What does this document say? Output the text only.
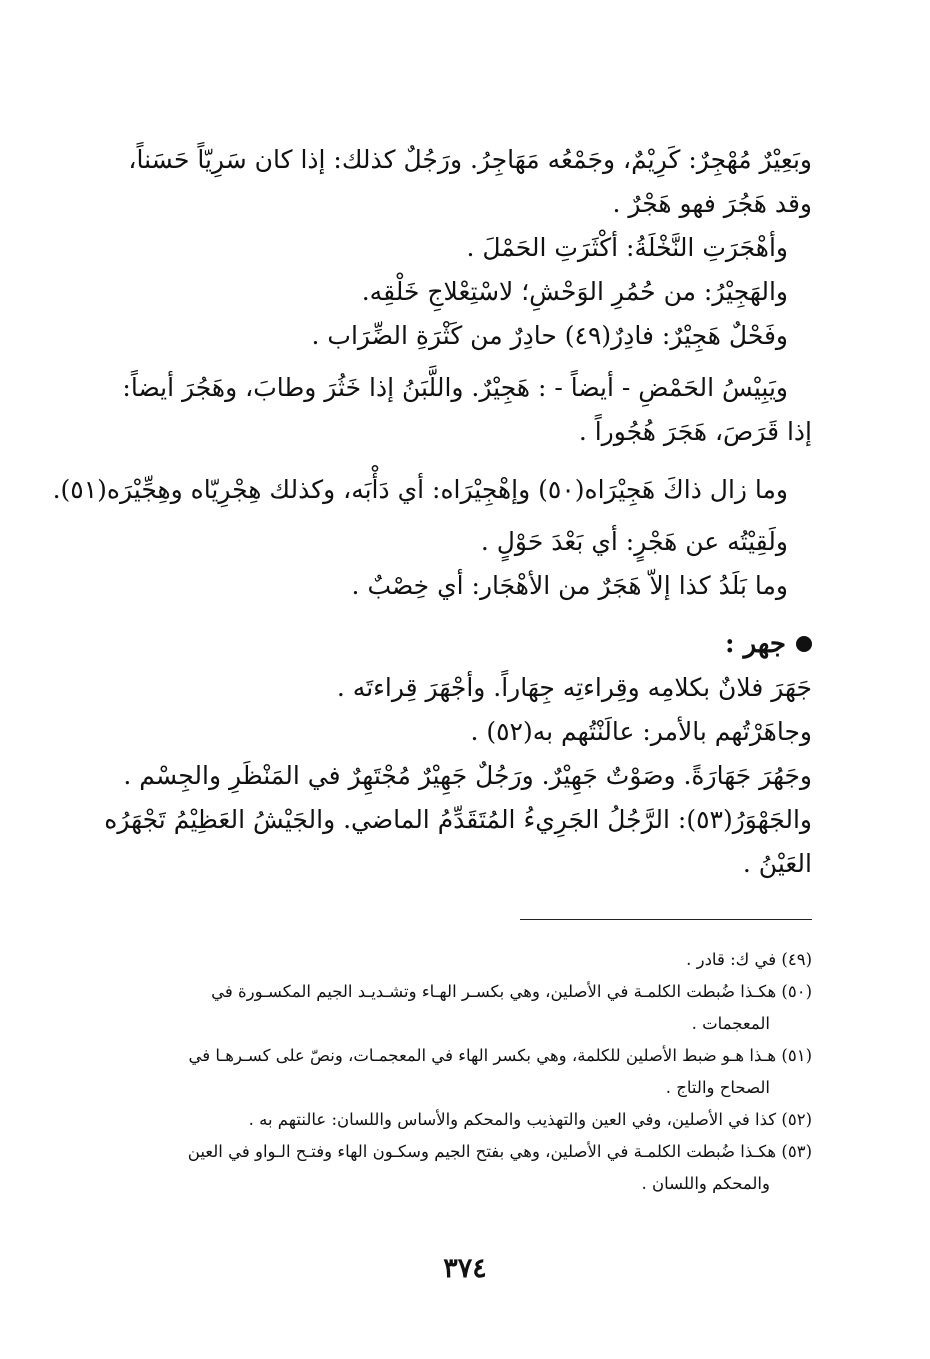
وبَعِيْرٌ مُهْجِرٌ: كَرِيْمٌ، وجَمْعُه مَهَاجِرُ. ورَجُلٌ كذلك: إذا كان سَرِيّاً حَسَناً،

وقد هَجُرَ فهو هَجْرٌ .

وأهْجَرَتِ النَّخْلَةُ: أكْثَرَتِ الحَمْلَ .

والهَجِيْرُ: من حُمُرِ الوَحْشِ؛ لاسْتِعْلاجِ خَلْقِه.

وفَحْلٌ هَجِيْرٌ: فادِرٌ(٤٩) حادِرٌ من كَثْرَةِ الضِّرَاب .

ويَبِيْسُ الحَمْضِ - أيضاً - : هَجِيْرٌ. واللَّبَنُ إذا خَثُرَ وطابَ، وهَجُرَ أيضاً:

إذا قَرَصَ، هَجَرَ هُجُوراً .

وما زال ذاكَ هَجِيْرَاه(٥٠) وإهْجِيْرَاه: أي دَأْبَه، وكذلك هِجْرِيّاه وهِجِّيْرَه(٥١).

ولَقِيْتُه عن هَجْرٍ: أي بَعْدَ حَوْلٍ .

وما بَلَدُ كذا إلاّ هَجَرٌ من الأهْجَار: أي خِصْبٌ .

جهر :

جَهَرَ فلانٌ بكلامِه وقِراءتِه جِهَاراً. وأجْهَرَ قِراءتَه .

وجاهَرْتُهم بالأمر: عالَنْتُهم به(٥٢) .

وجَهُرَ جَهَارَةً. وصَوْتٌ جَهِيْرٌ. ورَجُلٌ جَهِيْرٌ مُجْتَهِرٌ في المَنْظَرِ والجِسْم .

والجَهْوَرُ(٥٣): الرَّجُلُ الجَرِيءُ المُتَقَدِّمُ الماضي. والجَيْشُ العَظِيْمُ تَجْهَرُه

العَيْنُ .

(٤٩) في ك: قادر .

(٥٠) هكـذا ضُبطت الكلمـة في الأصلين، وهي بكسـر الهـاء وتشـديـد الجيم المكسـورة في

المعجمات .

(٥١) هـذا هـو ضبط الأصلين للكلمة، وهي بكسر الهاء في المعجمـات، ونصّ على كسـرهـا في

الصحاح والتاج .

(٥٢) كذا في الأصلين، وفي العين والتهذيب والمحكم والأساس واللسان: عالنتهم به .

(٥٣) هكـذا ضُبطت الكلمـة في الأصلين، وهي بفتح الجيم وسكـون الهاء وفتـح الـواو في العين

والمحكم واللسان .

٣٧٤
